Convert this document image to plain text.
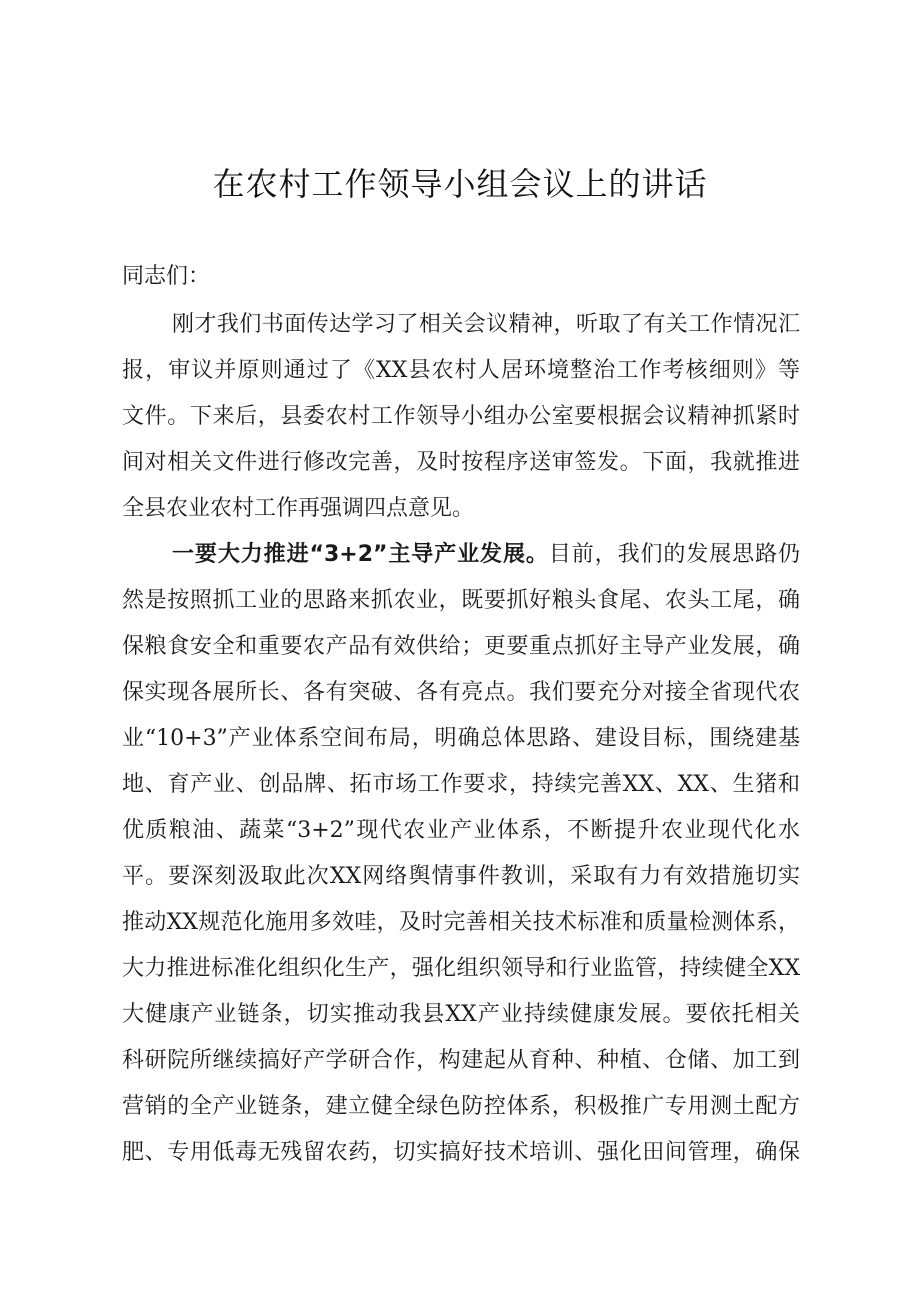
在农村工作领导小组会议上的讲话
同志们：
刚才我们书面传达学习了相关会议精神，听取了有关工作情况汇
报，审议并原则通过了《XX县农村人居环境整治工作考核细则》等
文件。下来后，县委农村工作领导小组办公室要根据会议精神抓紧时
间对相关文件进行修改完善，及时按程序送审签发。下面，我就推进
全县农业农村工作再强调四点意见。
一要大力推进“3+2”主导产业发展。目前，我们的发展思路仍
然是按照抓工业的思路来抓农业，既要抓好粮头食尾、农头工尾，确
保粮食安全和重要农产品有效供给；更要重点抓好主导产业发展，确
保实现各展所长、各有突破、各有亮点。我们要充分对接全省现代农
业“10+3”产业体系空间布局，明确总体思路、建设目标，围绕建基
地、育产业、创品牌、拓市场工作要求，持续完善XX、XX、生猪和
优质粮油、蔬菜“3+2”现代农业产业体系，不断提升农业现代化水
平。要深刻汲取此次XX网络舆情事件教训，采取有力有效措施切实
推动XX规范化施用多效哇，及时完善相关技术标准和质量检测体系，
大力推进标准化组织化生产，强化组织领导和行业监管，持续健全XX
大健康产业链条，切实推动我县XX产业持续健康发展。要依托相关
科研院所继续搞好产学研合作，构建起从育种、种植、仓储、加工到
营销的全产业链条，建立健全绿色防控体系，积极推广专用测土配方
肥、专用低毒无残留农药，切实搞好技术培训、强化田间管理，确保
